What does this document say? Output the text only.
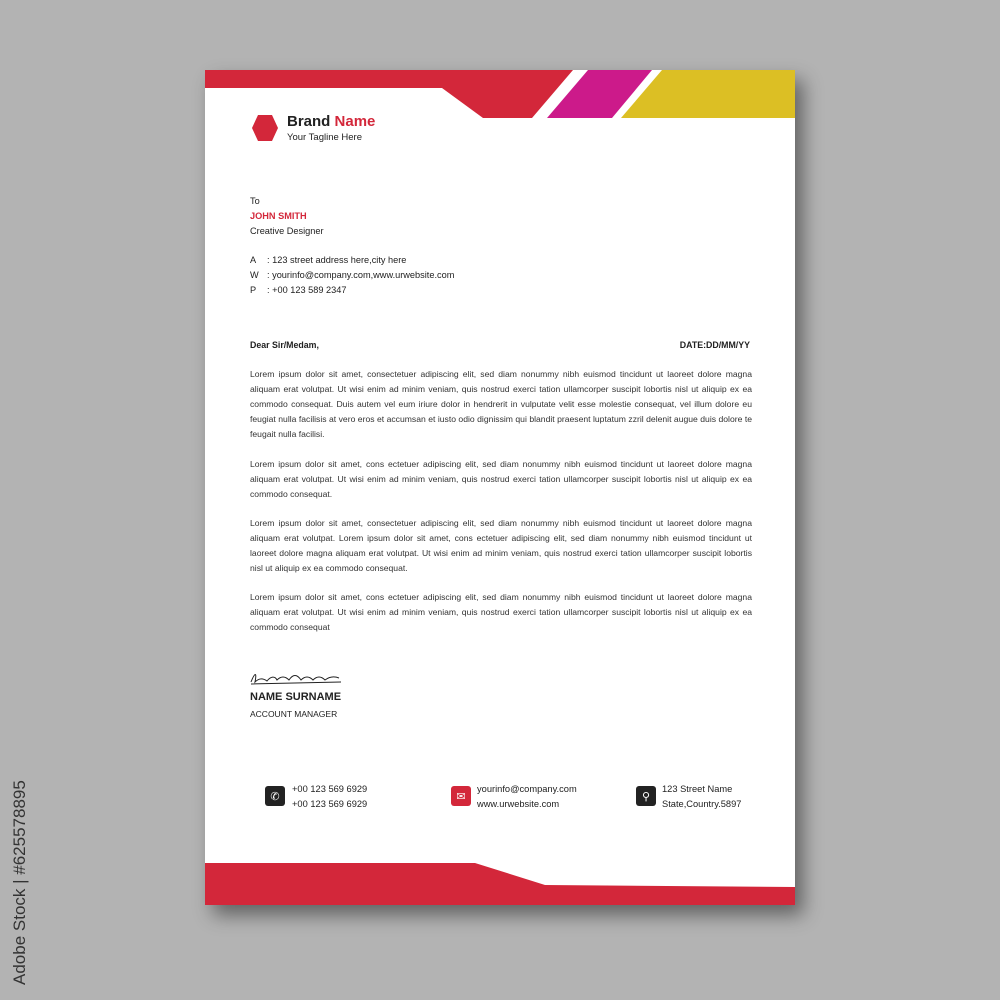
Adobe Stock | #625578895
Brand Name
Your Tagline Here
To
JOHN SMITH
Creative Designer
A : 123 street address here,city here
W : yourinfo@company.com,www.urwebsite.com
P : +00 123 589 2347
Dear Sir/Medam,	DATE:DD/MM/YY
Lorem ipsum dolor sit amet, consectetuer adipiscing elit, sed diam nonummy nibh euismod tincidunt ut laoreet dolore magna aliquam erat volutpat. Ut wisi enim ad minim veniam, quis nostrud exerci tation ullamcorper suscipit lobortis nisl ut aliquip ex ea commodo consequat. Duis autem vel eum iriure dolor in hendrerit in vulputate velit esse molestie consequat, vel illum dolore eu feugiat nulla facilisis at vero eros et accumsan et iusto odio dignissim qui blandit praesent luptatum zzril delenit augue duis dolore te feugait nulla facilisi.
Lorem ipsum dolor sit amet, cons ectetuer adipiscing elit, sed diam nonummy nibh euismod tincidunt ut laoreet dolore magna aliquam erat volutpat. Ut wisi enim ad minim veniam, quis nostrud exerci tation ullamcorper suscipit lobortis nisl ut aliquip ex ea commodo consequat.
Lorem ipsum dolor sit amet, consectetuer adipiscing elit, sed diam nonummy nibh euismod tincidunt ut laoreet dolore magna aliquam erat volutpat. Lorem ipsum dolor sit amet, cons ectetuer adipiscing elit, sed diam nonummy nibh euismod tincidunt ut laoreet dolore magna aliquam erat volutpat. Ut wisi enim ad minim veniam, quis nostrud exerci tation ullamcorper suscipit lobortis nisl ut aliquip ex ea commodo consequat.
Lorem ipsum dolor sit amet, cons ectetuer adipiscing elit, sed diam nonummy nibh euismod tincidunt ut laoreet dolore magna aliquam erat volutpat. Ut wisi enim ad minim veniam, quis nostrud exerci tation ullamcorper suscipit lobortis nisl ut aliquip ex ea commodo consequat
NAME SURNAME
ACCOUNT MANAGER
✆
+00 123 569 6929
+00 123 569 6929
✉
yourinfo@company.com
www.urwebsite.com
⚲
123 Street Name
State,Country.5897
